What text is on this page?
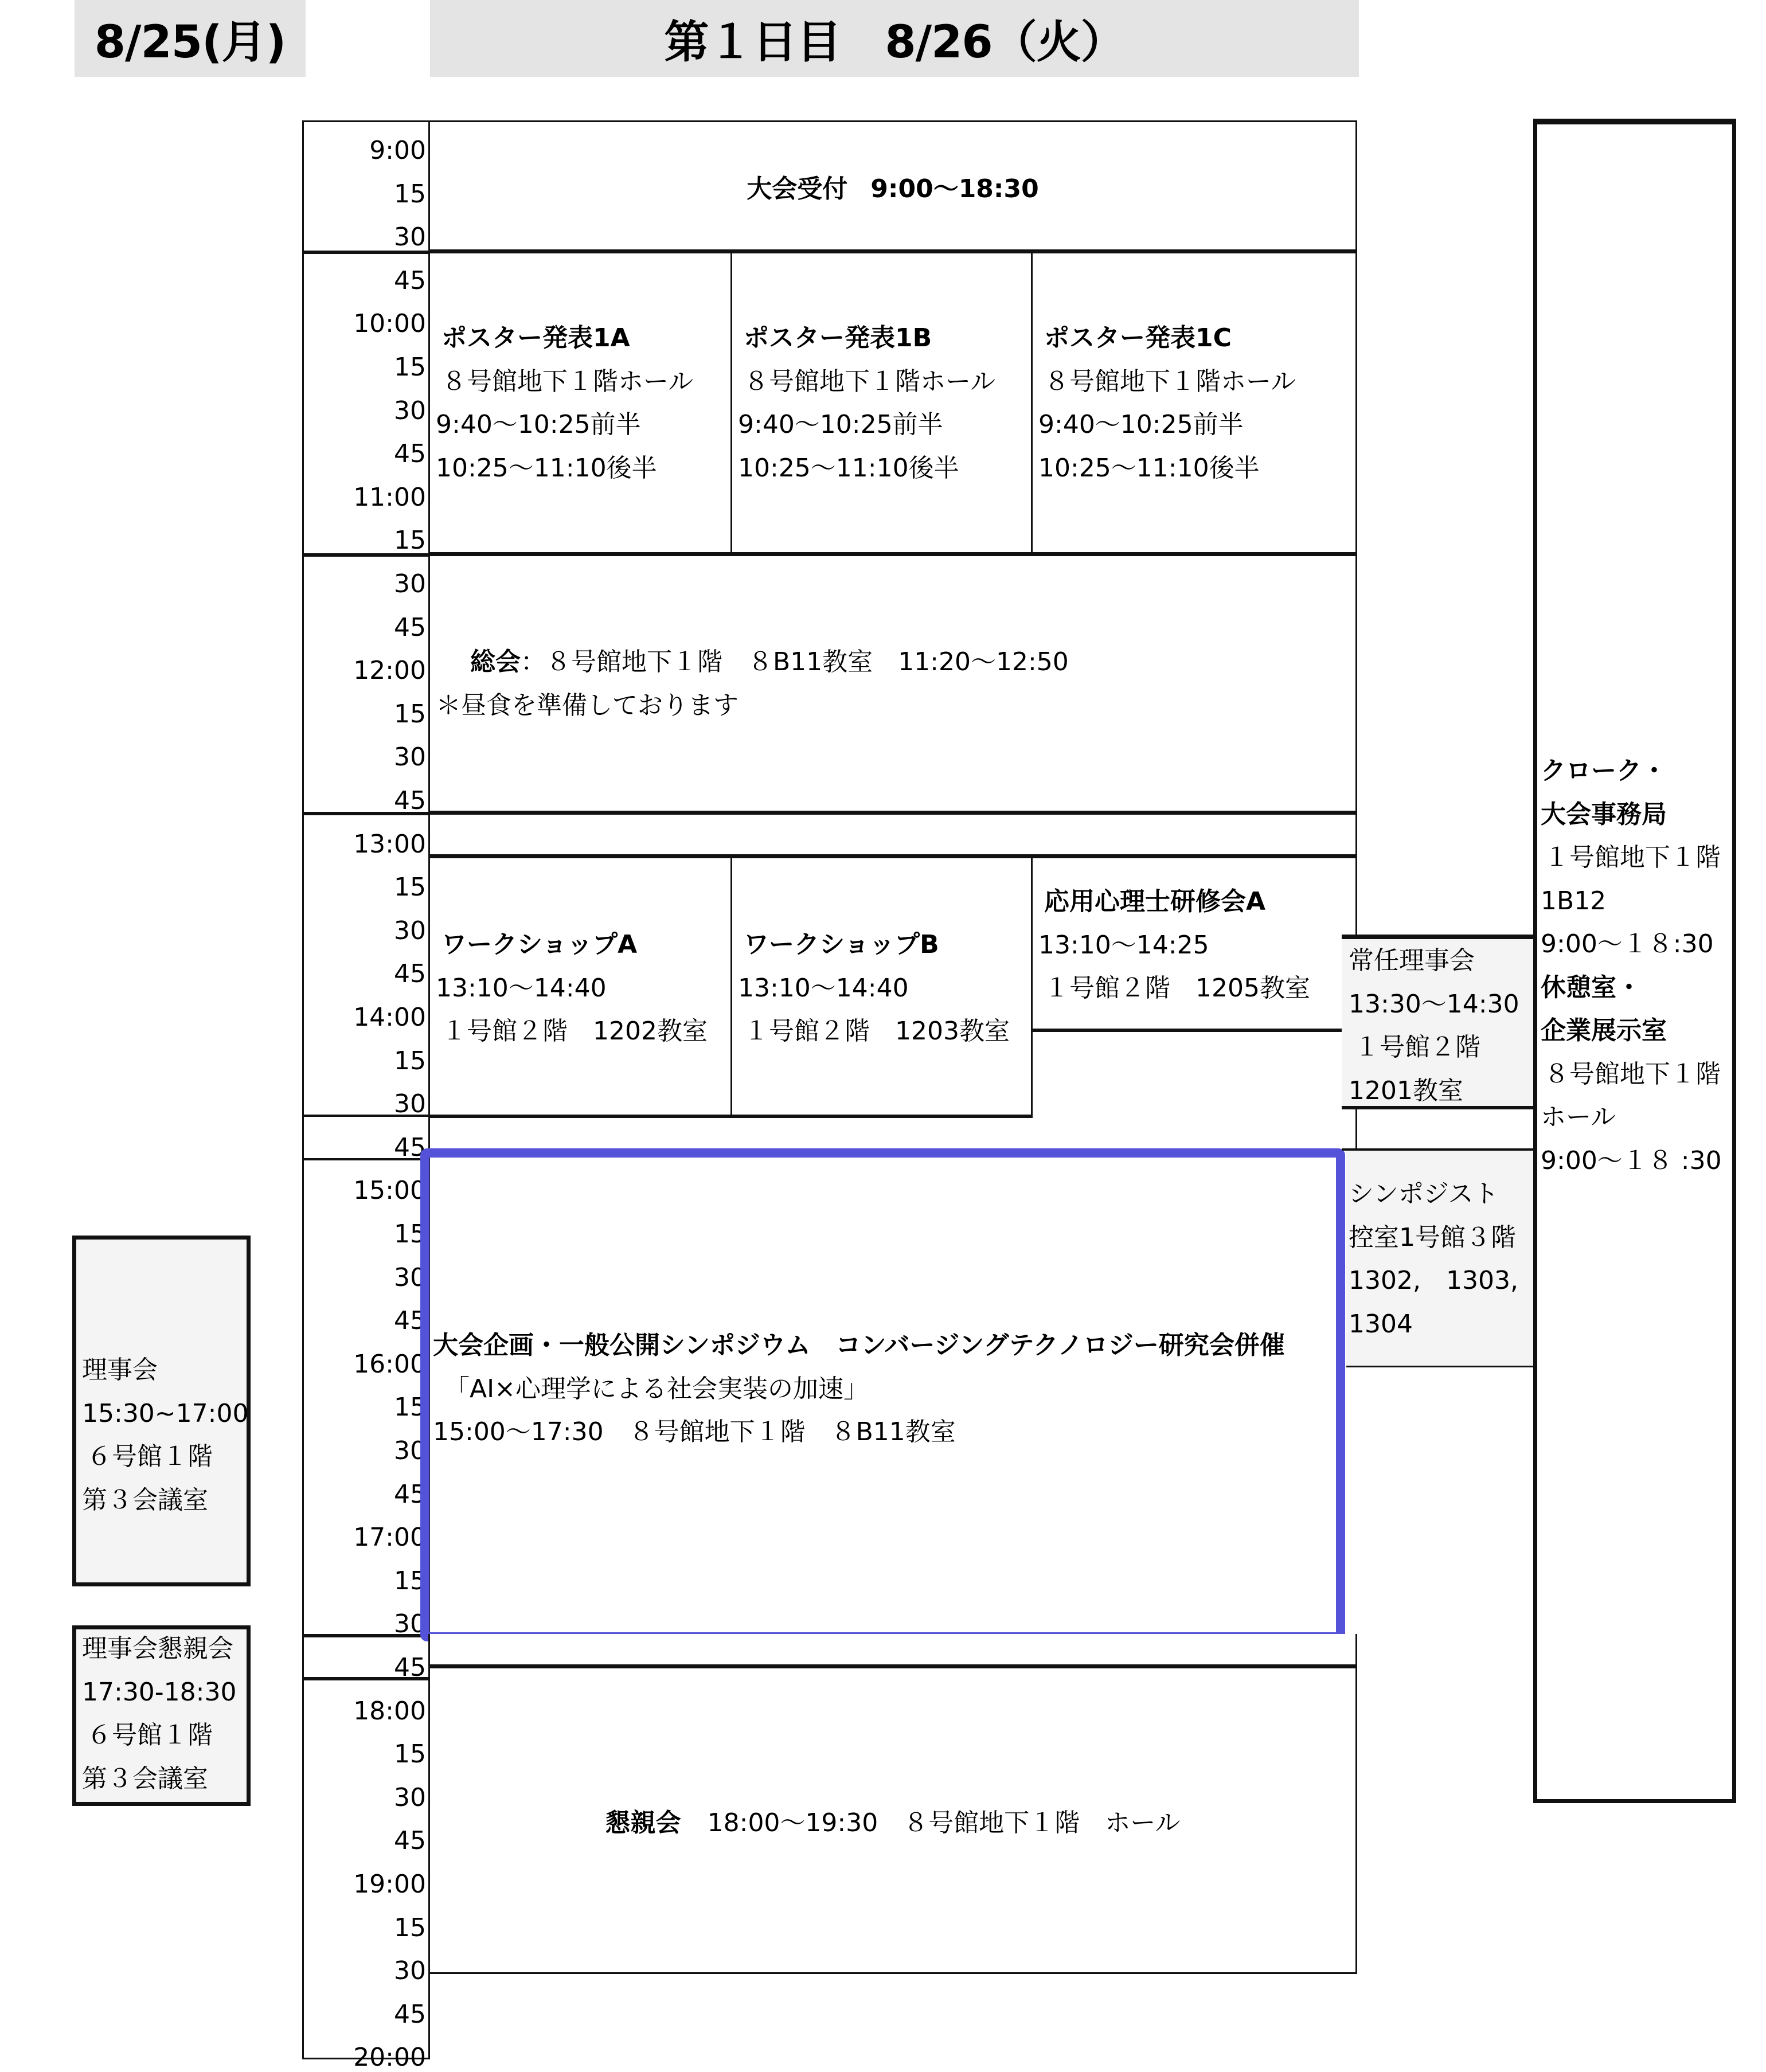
8/25(月)	第１日目　8/26（火）
9:00
15
30
45
10:00
15
30
45
11:00
15
30
45
12:00
15
30
45
13:00
15
30
45
14:00
15
30
45
15:00
15
30
45
16:00
15
30
45
17:00
15
30
45
18:00
15
30
45
19:00
15
30
45
20:00
大会受付 9:00〜18:30
ポスター発表1A
８号館地下１階ホール
9:40〜10:25前半
10:25〜11:10後半
ポスター発表1B
８号館地下１階ホール
9:40〜10:25前半
10:25〜11:10後半
ポスター発表1C
８号館地下１階ホール
9:40〜10:25前半
10:25〜11:10後半
総会：８号館地下１階　８B11教室　11:20〜12:50
＊昼食を準備しております
ワークショップA
13:10〜14:40
１号館２階　1202教室
ワークショップB
13:10〜14:40
１号館２階　1203教室
応用心理士研修会A
13:10〜14:25
１号館２階　1205教室
大会企画・一般公開シンポジウム　コンバージングテクノロジー研究会併催
「AI×心理学による社会実装の加速」
15:00〜17:30　８号館地下１階　８B11教室
懇親会 18:00〜19:30　８号館地下１階　ホール
常任理事会
13:30〜14:30
１号館２階
1201教室
シンポジスト
控室1号館３階
1302,　1303,
1304
クローク・
大会事務局
１号館地下１階
1B12
9:00〜１８:30
休憩室・
企業展示室
８号館地下１階
ホール
9:00〜１８ :30
理事会
15:30~17:00
６号館１階
第３会議室
理事会懇親会
17:30-18:30
６号館１階
第３会議室
